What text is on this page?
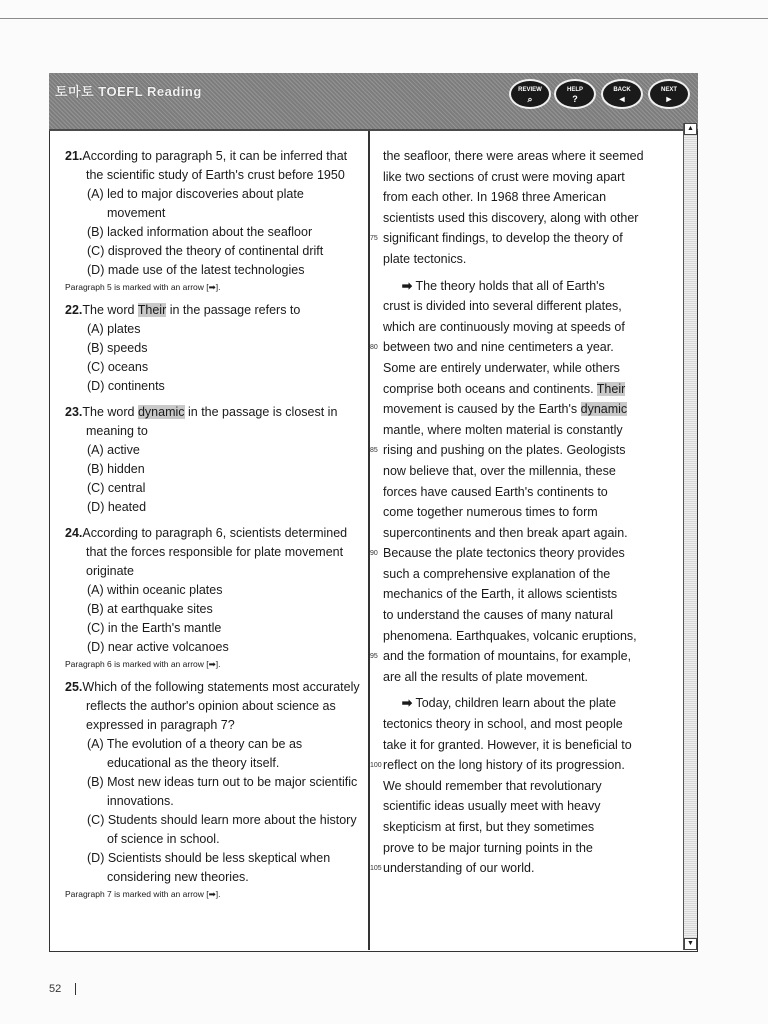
토마토 TOEFL Reading	REVIEW
⌕
HELP
?
BACK
◄
NEXT
►
21.According to paragraph 5, it can be inferred that the scientific study of Earth's crust before 1950
(A) led to major discoveries about plate movement
(B) lacked information about the seafloor
(C) disproved the theory of continental drift
(D) made use of the latest technologies
Paragraph 5 is marked with an arrow [➡].
22.The word Their in the passage refers to
(A) plates
(B) speeds
(C) oceans
(D) continents
23.The word dynamic in the passage is closest in meaning to
(A) active
(B) hidden
(C) central
(D) heated
24.According to paragraph 6, scientists determined that the forces responsible for plate movement originate
(A) within oceanic plates
(B) at earthquake sites
(C) in the Earth's mantle
(D) near active volcanoes
Paragraph 6 is marked with an arrow [➡].
25.Which of the following statements most accurately reflects the author's opinion about science as expressed in paragraph 7?
(A) The evolution of a theory can be as educational as the theory itself.
(B) Most new ideas turn out to be major scientific innovations.
(C) Students should learn more about the history of science in school.
(D) Scientists should be less skeptical when considering new theories.
Paragraph 7 is marked with an arrow [➡].
the seafloor, there were areas where it seemed
like two sections of crust were moving apart
from each other. In 1968 three American
scientists used this discovery, along with other
75 significant findings, to develop the theory of
plate tectonics.
  ➡ The theory holds that all of Earth's
crust is divided into several different plates,
which are continuously moving at speeds of
80 between two and nine centimeters a year.
Some are entirely underwater, while others
comprise both oceans and continents. Their
movement is caused by the Earth's dynamic
mantle, where molten material is constantly
85 rising and pushing on the plates. Geologists
now believe that, over the millennia, these
forces have caused Earth's continents to
come together numerous times to form
supercontinents and then break apart again.
90 Because the plate tectonics theory provides
such a comprehensive explanation of the
mechanics of the Earth, it allows scientists
to understand the causes of many natural
phenomena. Earthquakes, volcanic eruptions,
95 and the formation of mountains, for example,
are all the results of plate movement.
  ➡ Today, children learn about the plate
tectonics theory in school, and most people
take it for granted. However, it is beneficial to
100 reflect on the long history of its progression.
We should remember that revolutionary
scientific ideas usually meet with heavy
skepticism at first, but they sometimes
prove to be major turning points in the
105 understanding of our world.
▲
▼
52
